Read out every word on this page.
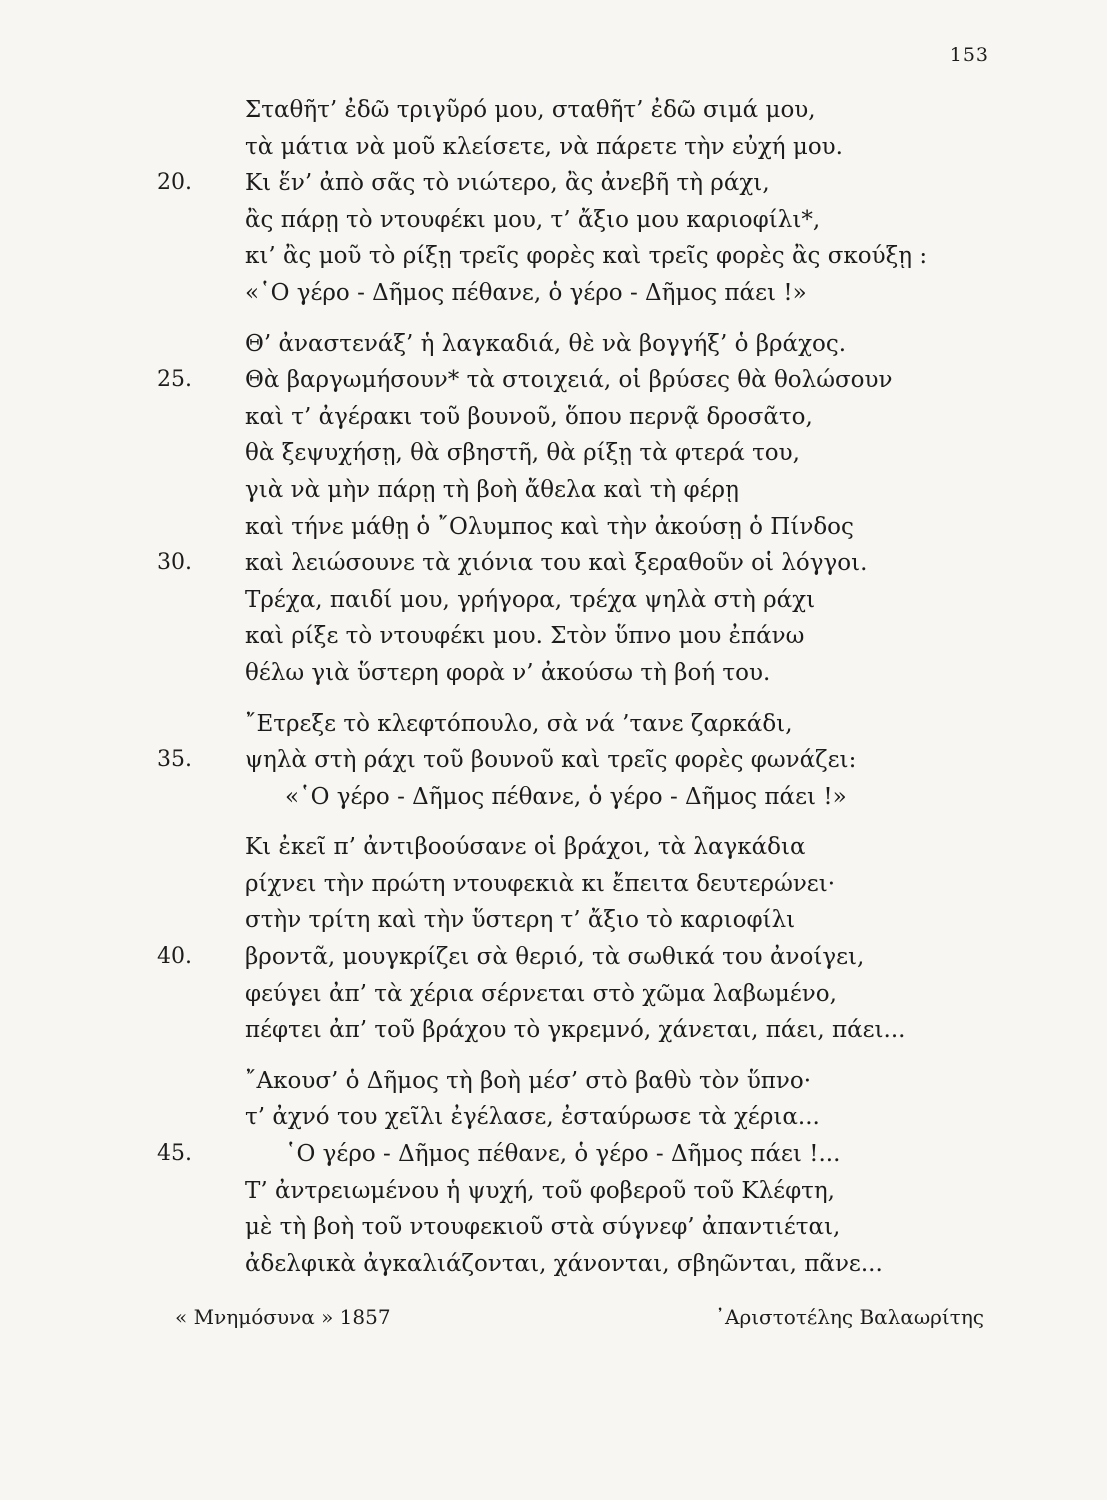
153
Σταθῆτ’ ἐδῶ τριγῦρό μου, σταθῆτ’ ἐδῶ σιμά μου,
τὰ μάτια νὰ μοῦ κλείσετε, νὰ πάρετε τὴν εὐχή μου.
20. Κι ἕν’ ἀπὸ σᾶς τὸ νιώτερο, ἂς ἀνεβῆ τὴ ράχι,
ἂς πάρῃ τὸ ντουφέκι μου, τ’ ἄξιο μου καριοφίλι*,
κι’ ἂς μοῦ τὸ ρίξῃ τρεῖς φορὲς καὶ τρεῖς φορὲς ἂς σκούξῃ :
«῾Ο γέρο - Δῆμος πέθανε, ὁ γέρο - Δῆμος πάει !»
Θ’ ἀναστενάξ’ ἡ λαγκαδιά, θὲ νὰ βογγήξ’ ὁ βράχος.
25. Θὰ βαργωμήσουν* τὰ στοιχειά, οἱ βρύσες θὰ θολώσουν
καὶ τ’ ἀγέρακι τοῦ βουνοῦ, ὅπου περνᾷ δροσᾶτο,
θὰ ξεψυχήσῃ, θὰ σβηστῆ, θὰ ρίξῃ τὰ φτερά του,
γιὰ νὰ μὴν πάρῃ τὴ βοὴ ἄθελα καὶ τὴ φέρῃ
καὶ τήνε μάθῃ ὁ ῎Ολυμπος καὶ τὴν ἀκούσῃ ὁ Πίνδος
30. καὶ λειώσουνε τὰ χιόνια του καὶ ξεραθοῦν οἱ λόγγοι.
Τρέχα, παιδί μου, γρήγορα, τρέχα ψηλὰ στὴ ράχι
καὶ ρίξε τὸ ντουφέκι μου. Στὸν ὕπνο μου ἐπάνω
θέλω γιὰ ὕστερη φορὰ ν’ ἀκούσω τὴ βοή του.
῎Ετρεξε τὸ κλεφτόπουλο, σὰ νά ’τανε ζαρκάδι,
35. ψηλὰ στὴ ράχι τοῦ βουνοῦ καὶ τρεῖς φορὲς φωνάζει:
«῾Ο γέρο - Δῆμος πέθανε, ὁ γέρο - Δῆμος πάει !»
Κι ἐκεῖ π’ ἀντιβοούσανε οἱ βράχοι, τὰ λαγκάδια
ρίχνει τὴν πρώτη ντουφεκιὰ κι ἔπειτα δευτερώνει·
στὴν τρίτη καὶ τὴν ὕστερη τ’ ἄξιο τὸ καριοφίλι
40. βροντᾶ, μουγκρίζει σὰ θεριό, τὰ σωθικά του ἀνοίγει,
φεύγει ἀπ’ τὰ χέρια σέρνεται στὸ χῶμα λαβωμένο,
πέφτει ἀπ’ τοῦ βράχου τὸ γκρεμνό, χάνεται, πάει, πάει...
῎Ακουσ’ ὁ Δῆμος τὴ βοὴ μέσ’ στὸ βαθὺ τὸν ὕπνο·
τ’ ἀχνό του χεῖλι ἐγέλασε, ἐσταύρωσε τὰ χέρια...
45.	῾Ο γέρο - Δῆμος πέθανε, ὁ γέρο - Δῆμος πάει !...
Τ’ ἀντρειωμένου ἡ ψυχή, τοῦ φοβεροῦ τοῦ Κλέφτη,
μὲ τὴ βοὴ τοῦ ντουφεκιοῦ στὰ σύγνεφ’ ἀπαντιέται,
ἀδελφικὰ ἀγκαλιάζονται, χάνονται, σβηῶνται, πᾶνε...
« Μνημόσυνα » 1857	᾿Αριστοτέλης Βαλαωρίτης
